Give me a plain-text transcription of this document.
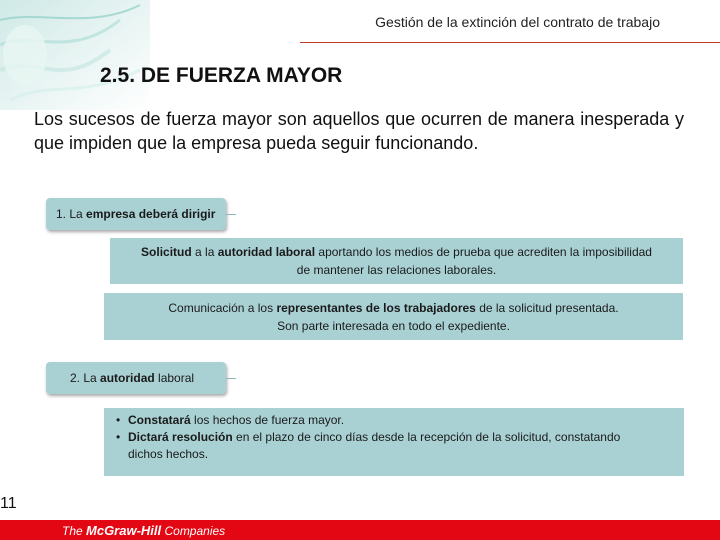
Gestión de la extinción del contrato de trabajo
2.5. DE FUERZA MAYOR
Los sucesos de fuerza mayor son aquellos que ocurren de manera inesperada y que impiden que la empresa pueda seguir funcionando.
1. La empresa deberá dirigir
Solicitud a la autoridad laboral aportando los medios de prueba que acrediten la imposibilidad
de mantener las relaciones laborales.
Comunicación a los representantes de los trabajadores de la solicitud presentada.
Son parte interesada en todo el expediente.
2. La autoridad laboral
• Constatará los hechos de fuerza mayor.
• Dictará resolución en el plazo de cinco días desde la recepción de la solicitud, constatando
dichos hechos.
11
The McGraw-Hill Companies
